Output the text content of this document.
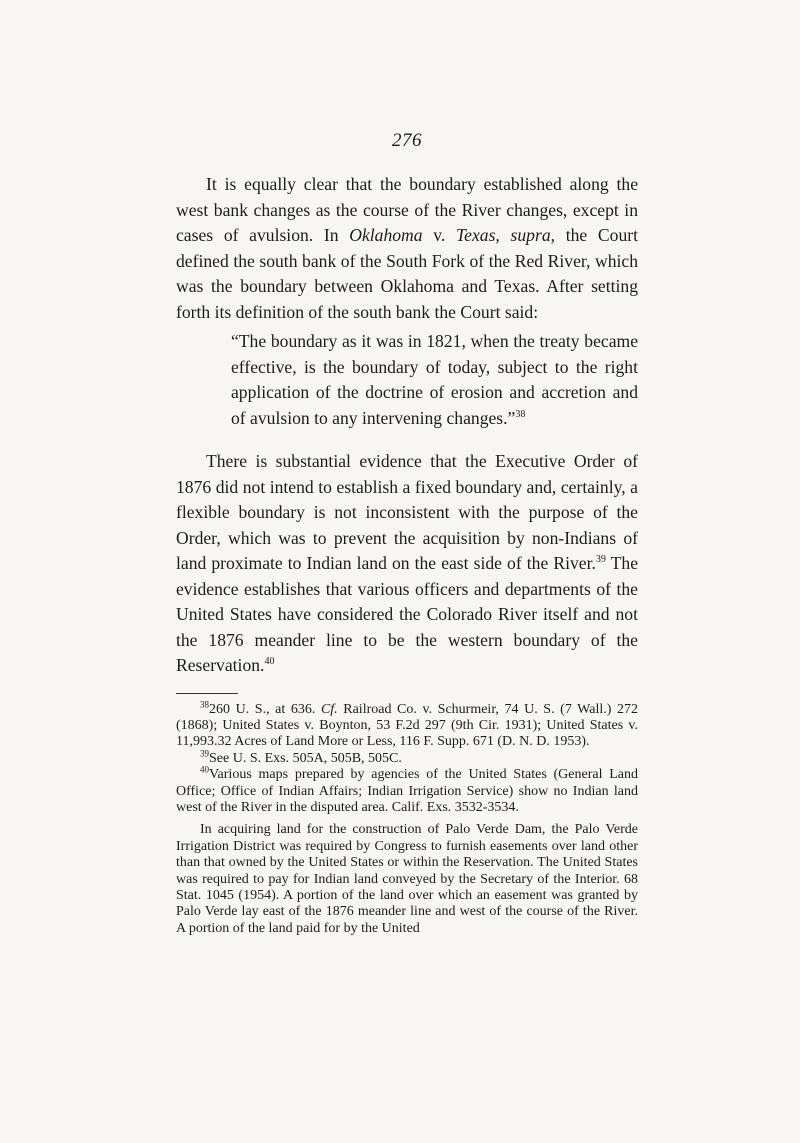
276

It is equally clear that the boundary established along the west bank changes as the course of the River changes, except in cases of avulsion. In Oklahoma v. Texas, supra, the Court defined the south bank of the South Fork of the Red River, which was the boundary between Oklahoma and Texas. After setting forth its definition of the south bank the Court said:

“The boundary as it was in 1821, when the treaty became effective, is the boundary of today, subject to the right application of the doctrine of erosion and accretion and of avulsion to any intervening changes.”$^{38}$

There is substantial evidence that the Executive Order of 1876 did not intend to establish a fixed boundary and, certainly, a flexible boundary is not inconsistent with the purpose of the Order, which was to prevent the acquisition by non-Indians of land proximate to Indian land on the east side of the River.$^{39}$ The evidence establishes that various officers and departments of the United States have considered the Colorado River itself and not the 1876 meander line to be the western boundary of the Reservation.$^{40}$

$^{38}$260 U. S., at 636. Cf. Railroad Co. v. Schurmeir, 74 U. S. (7 Wall.) 272 (1868); United States v. Boynton, 53 F.2d 297 (9th Cir. 1931); United States v. 11,993.32 Acres of Land More or Less, 116 F. Supp. 671 (D. N. D. 1953).

$^{39}$See U. S. Exs. 505A, 505B, 505C.

$^{40}$Various maps prepared by agencies of the United States (General Land Office; Office of Indian Affairs; Indian Irrigation Service) show no Indian land west of the River in the disputed area. Calif. Exs. 3532-3534.

In acquiring land for the construction of Palo Verde Dam, the Palo Verde Irrigation District was required by Congress to furnish easements over land other than that owned by the United States or within the Reservation. The United States was required to pay for Indian land conveyed by the Secretary of the Interior. 68 Stat. 1045 (1954). A portion of the land over which an easement was granted by Palo Verde lay east of the 1876 meander line and west of the course of the River. A portion of the land paid for by the United
